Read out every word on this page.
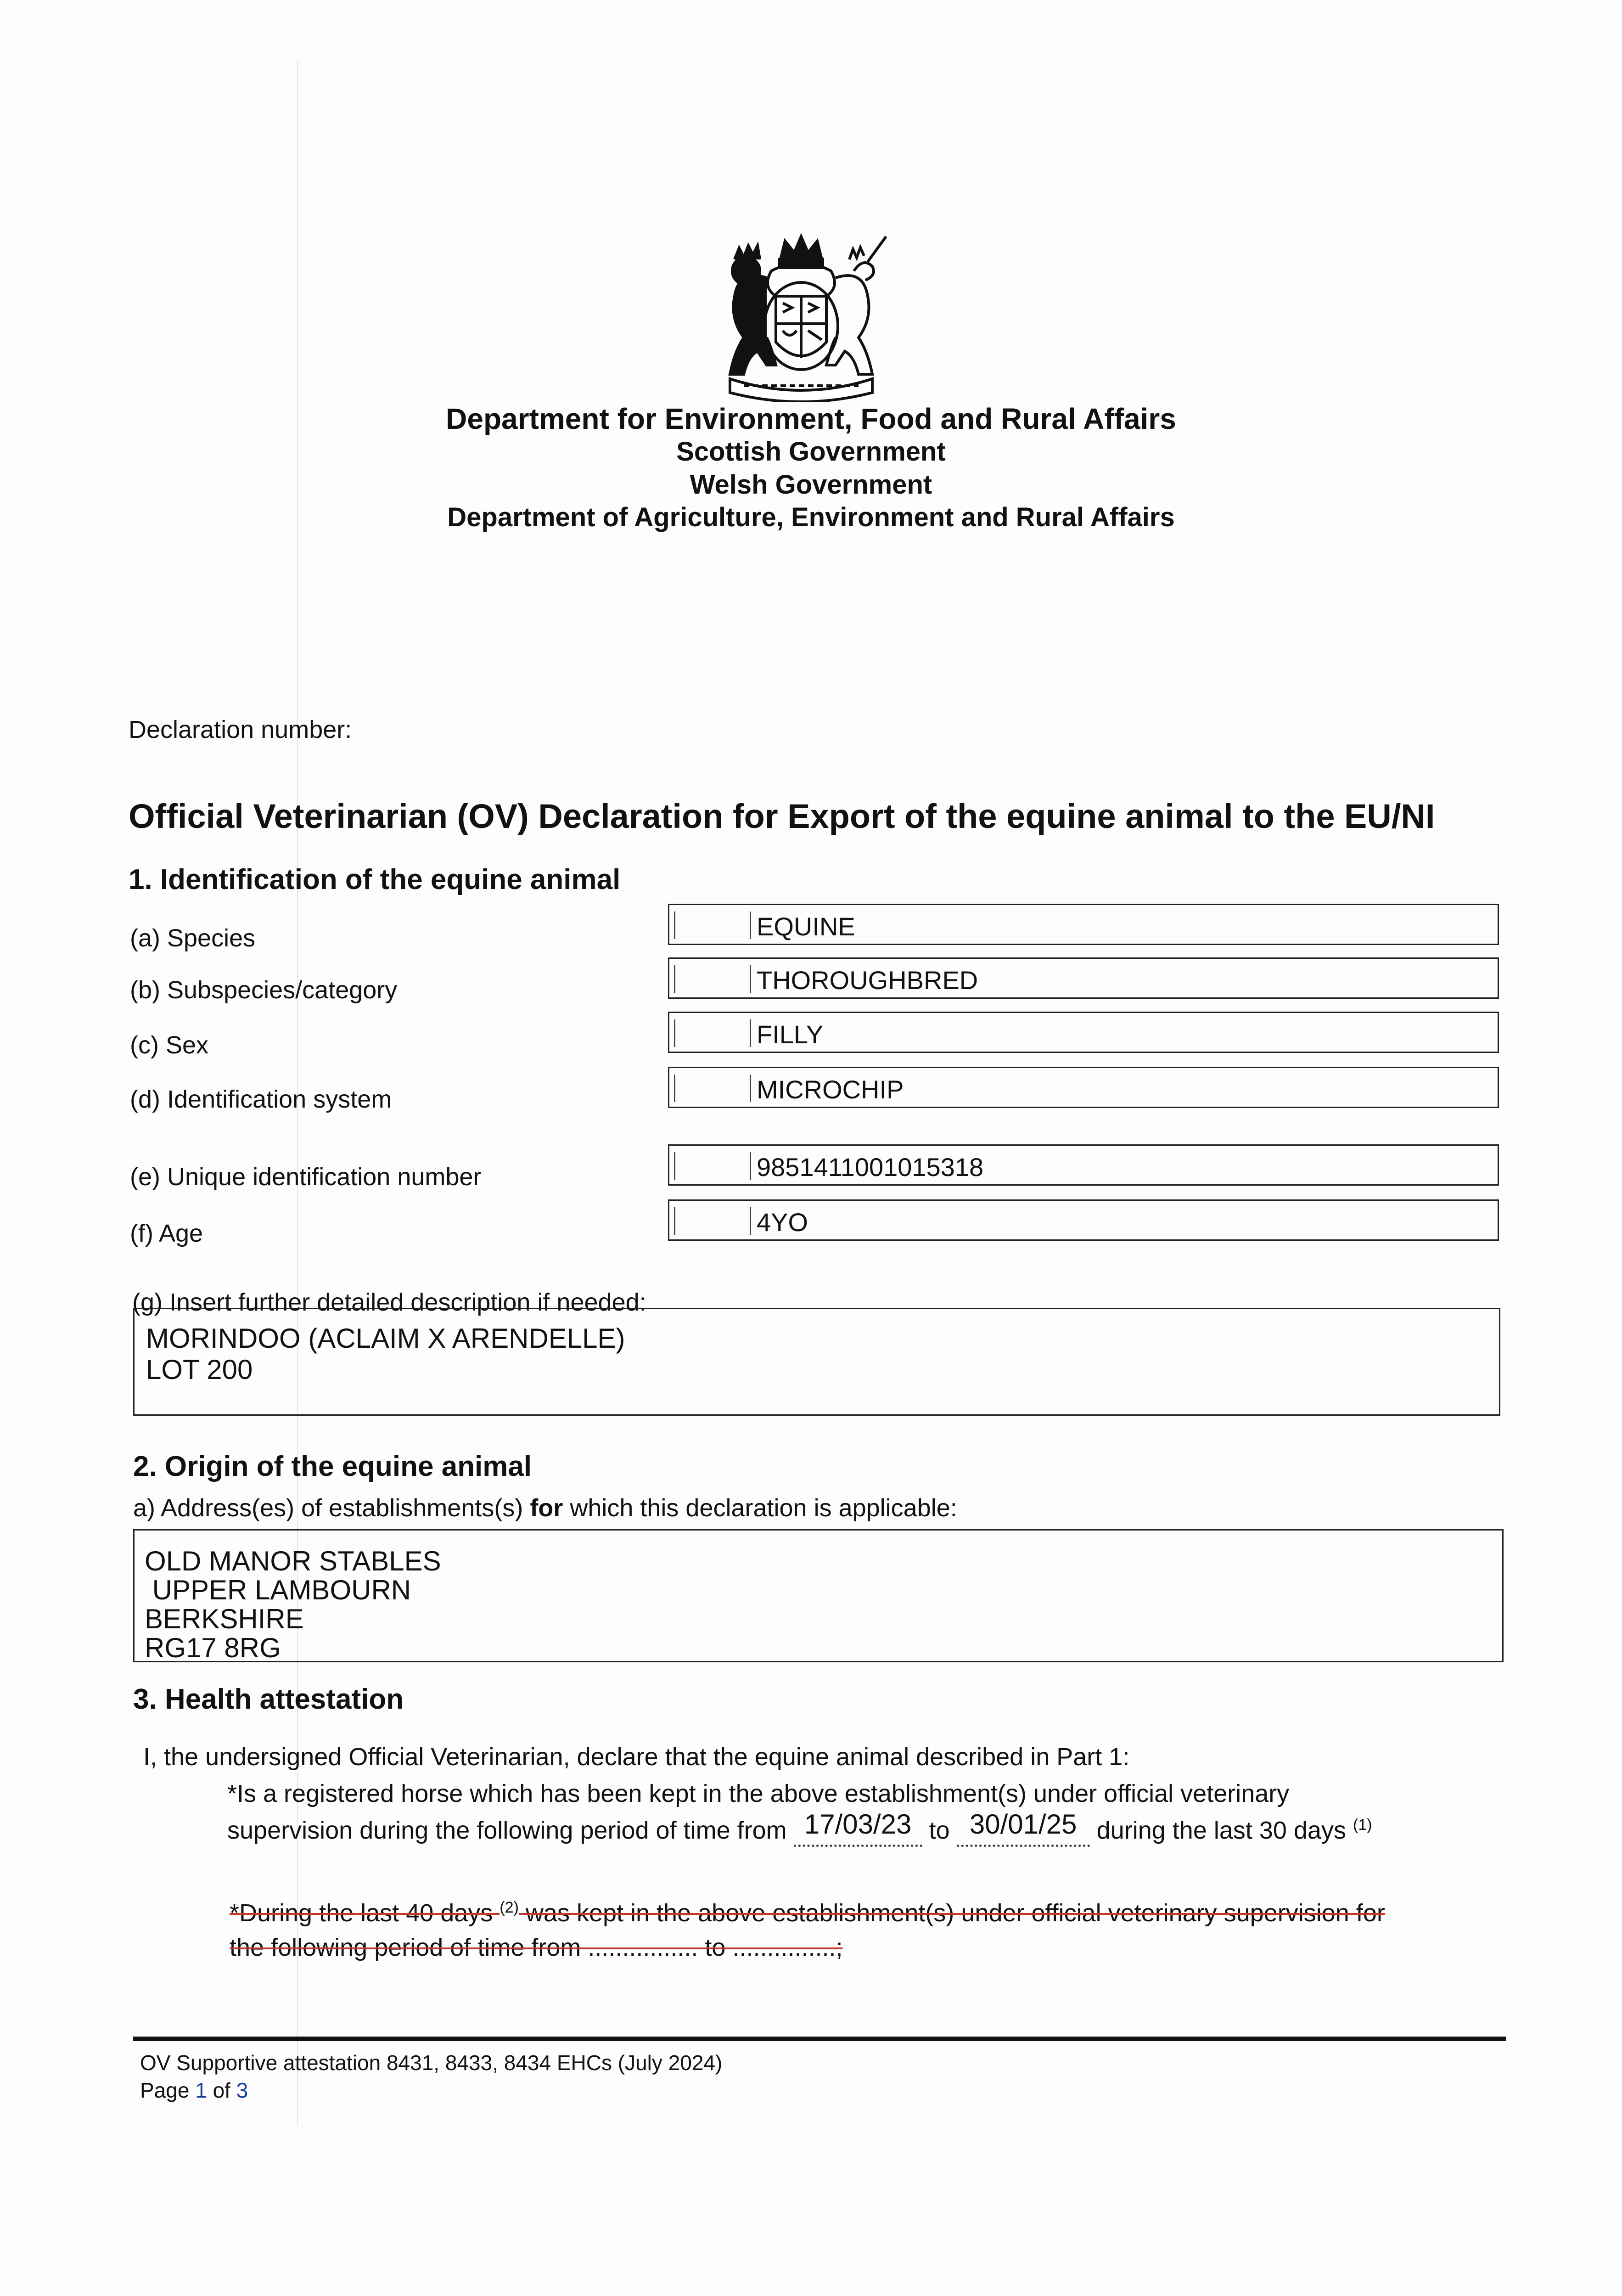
Department for Environment, Food and Rural Affairs
Scottish Government
Welsh Government
Department of Agriculture, Environment and Rural Affairs
Declaration number:
Official Veterinarian (OV) Declaration for Export of the equine animal to the EU/NI
1. Identification of the equine animal
(a) Species	EQUINE
(b) Subspecies/category	THOROUGHBRED
(c) Sex	FILLY
(d) Identification system	MICROCHIP
(e) Unique identification number	9851411001015318
(f) Age	4YO
(g) Insert further detailed description if needed:
MORINDOO (ACLAIM X ARENDELLE)
LOT 200
2. Origin of the equine animal
a) Address(es) of establishments(s) for which this declaration is applicable:
OLD MANOR STABLES
UPPER LAMBOURN
BERKSHIRE
RG17 8RG
3. Health attestation
I, the undersigned Official Veterinarian, declare that the equine animal described in Part 1:
*Is a registered horse which has been kept in the above establishment(s) under official veterinary
supervision during the following period of time from 17/03/23 to 30/01/25 during the last 30 days $^{(1)}$
*During the last 40 days $^{(2)}$ was kept in the above establishment(s) under official veterinary supervision for
the following period of time from ................ to ...............;
OV Supportive attestation 8431, 8433, 8434 EHCs (July 2024)
Page 1 of 3
